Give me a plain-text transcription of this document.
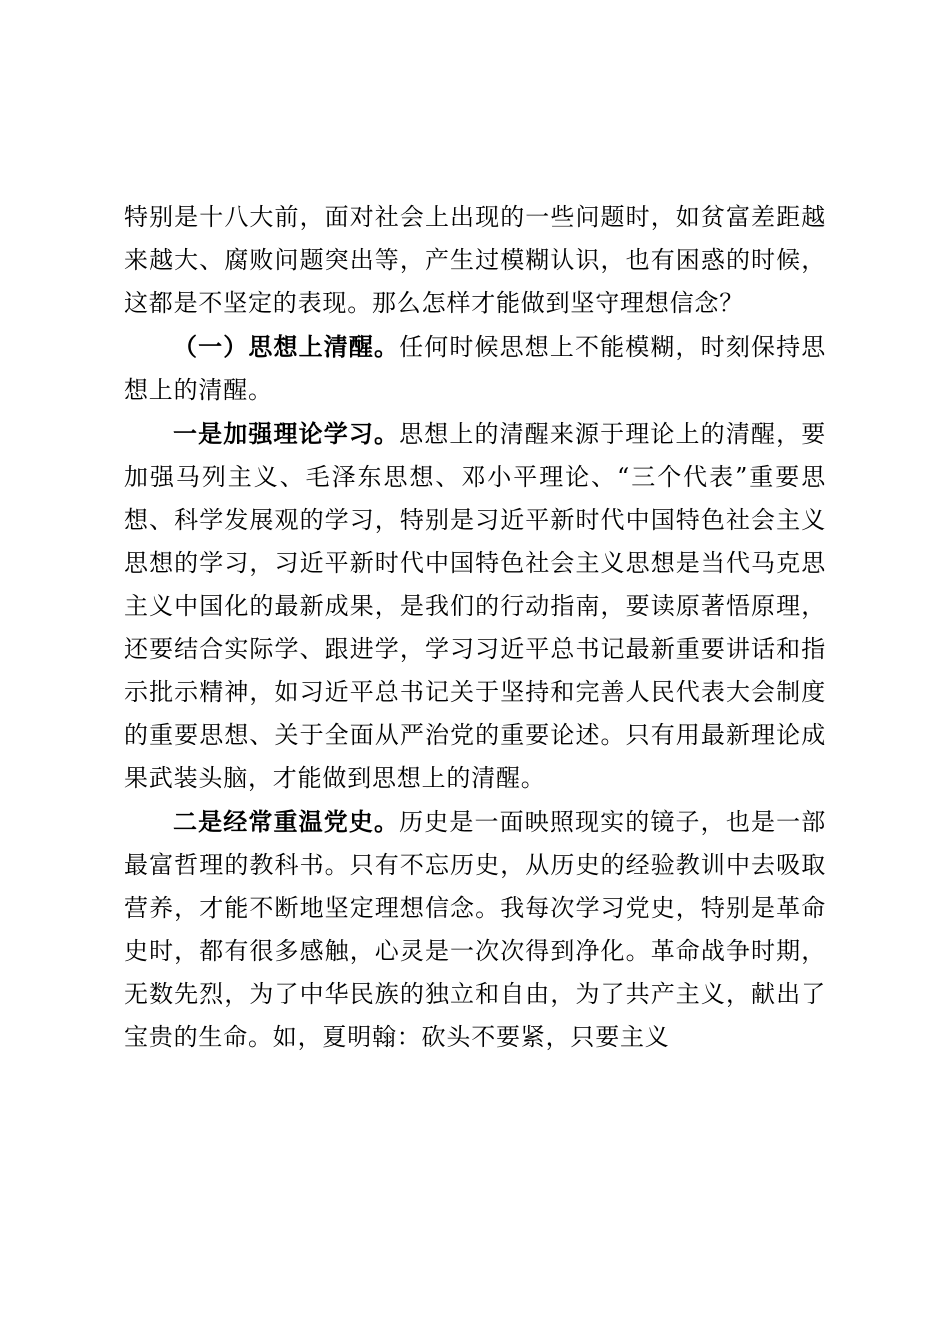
特别是十八大前，面对社会上出现的一些问题时，如贫富差距越来越大、腐败问题突出等，产生过模糊认识，也有困惑的时候，这都是不坚定的表现。那么怎样才能做到坚守理想信念？

（一）思想上清醒。任何时候思想上不能模糊，时刻保持思想上的清醒。

一是加强理论学习。思想上的清醒来源于理论上的清醒，要加强马列主义、毛泽东思想、邓小平理论、“三个代表”重要思想、科学发展观的学习，特别是习近平新时代中国特色社会主义思想的学习，习近平新时代中国特色社会主义思想是当代马克思主义中国化的最新成果，是我们的行动指南，要读原著悟原理，还要结合实际学、跟进学，学习习近平总书记最新重要讲话和指示批示精神，如习近平总书记关于坚持和完善人民代表大会制度的重要思想、关于全面从严治党的重要论述。只有用最新理论成果武装头脑，才能做到思想上的清醒。

二是经常重温党史。历史是一面映照现实的镜子，也是一部最富哲理的教科书。只有不忘历史，从历史的经验教训中去吸取营养，才能不断地坚定理想信念。我每次学习党史，特别是革命史时，都有很多感触，心灵是一次次得到净化。革命战争时期，无数先烈，为了中华民族的独立和自由，为了共产主义，献出了宝贵的生命。如，夏明翰：砍头不要紧，只要主义
